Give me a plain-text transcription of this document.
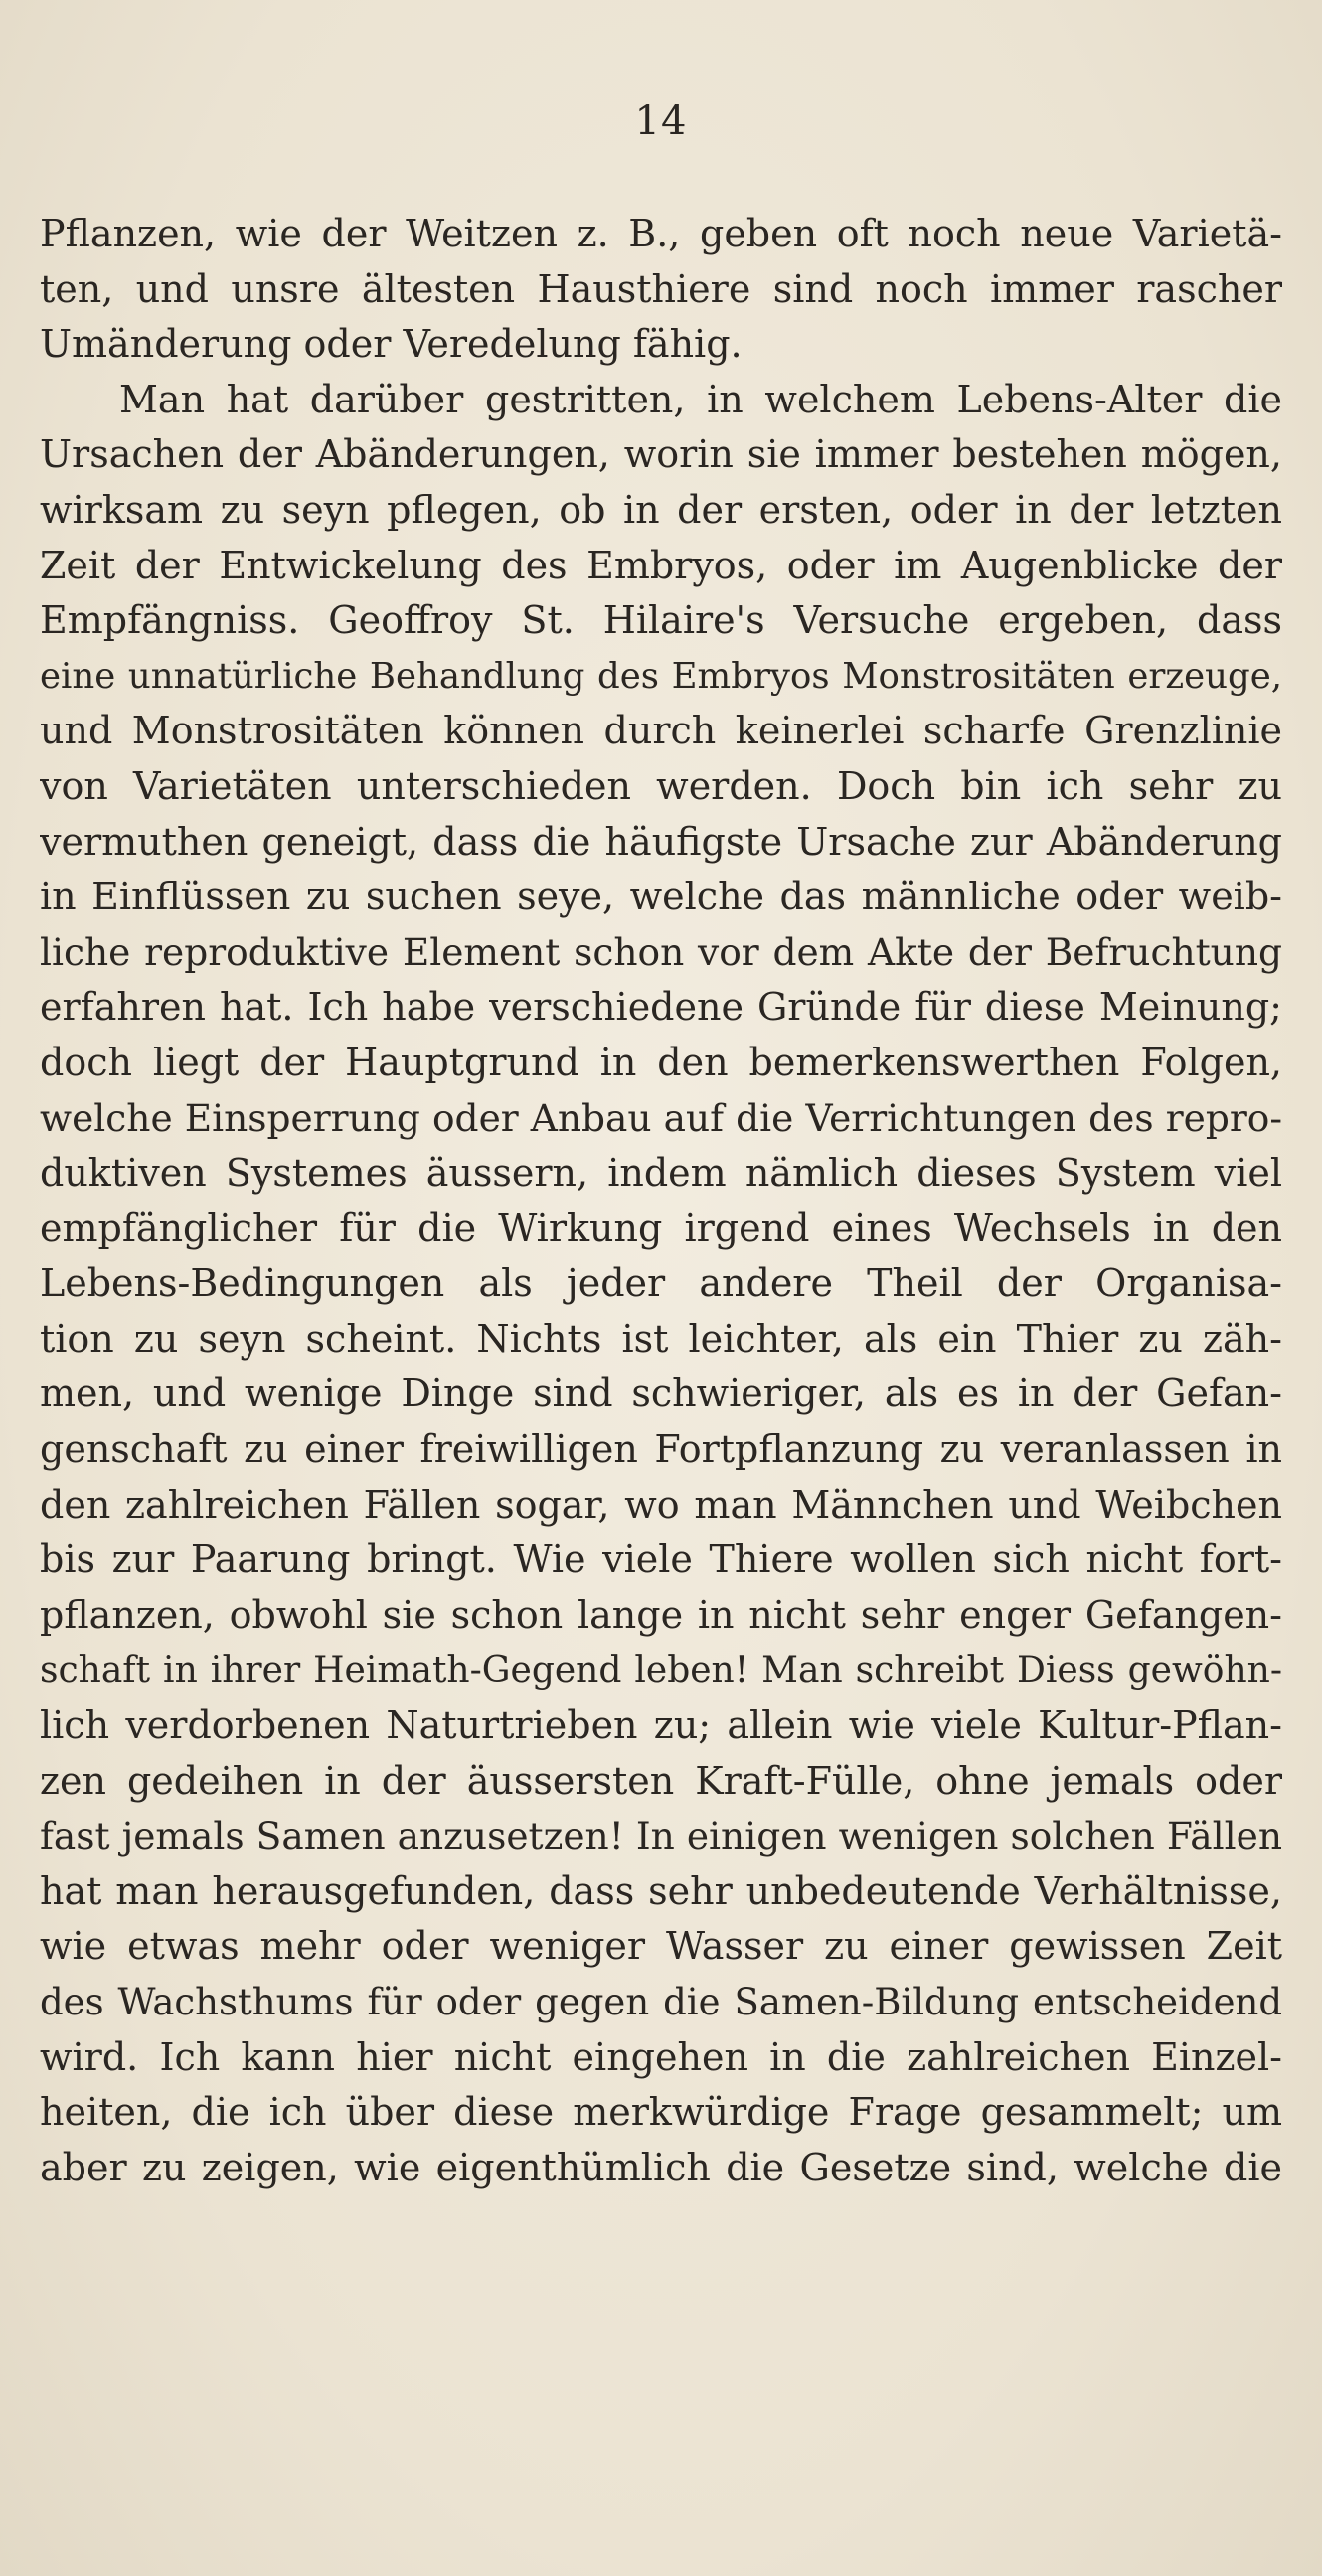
14
Pflanzen, wie der Weitzen z. B., geben oft noch neue Varietä-
ten, und unsre ältesten Hausthiere sind noch immer rascher
Umänderung oder Veredelung fähig.
Man hat darüber gestritten, in welchem Lebens-Alter die
Ursachen der Abänderungen, worin sie immer bestehen mögen,
wirksam zu seyn pflegen, ob in der ersten, oder in der letzten
Zeit der Entwickelung des Embryos, oder im Augenblicke der
Empfängniss. Geoffroy St. Hilaire's Versuche ergeben, dass
eine unnatürliche Behandlung des Embryos Monstrositäten erzeuge,
und Monstrositäten können durch keinerlei scharfe Grenzlinie
von Varietäten unterschieden werden. Doch bin ich sehr zu
vermuthen geneigt, dass die häufigste Ursache zur Abänderung
in Einflüssen zu suchen seye, welche das männliche oder weib-
liche reproduktive Element schon vor dem Akte der Befruchtung
erfahren hat. Ich habe verschiedene Gründe für diese Meinung;
doch liegt der Hauptgrund in den bemerkenswerthen Folgen,
welche Einsperrung oder Anbau auf die Verrichtungen des repro-
duktiven Systemes äussern, indem nämlich dieses System viel
empfänglicher für die Wirkung irgend eines Wechsels in den
Lebens-Bedingungen als jeder andere Theil der Organisa-
tion zu seyn scheint. Nichts ist leichter, als ein Thier zu zäh-
men, und wenige Dinge sind schwieriger, als es in der Gefan-
genschaft zu einer freiwilligen Fortpflanzung zu veranlassen in
den zahlreichen Fällen sogar, wo man Männchen und Weibchen
bis zur Paarung bringt. Wie viele Thiere wollen sich nicht fort-
pflanzen, obwohl sie schon lange in nicht sehr enger Gefangen-
schaft in ihrer Heimath-Gegend leben! Man schreibt Diess gewöhn-
lich verdorbenen Naturtrieben zu; allein wie viele Kultur-Pflan-
zen gedeihen in der äussersten Kraft-Fülle, ohne jemals oder
fast jemals Samen anzusetzen! In einigen wenigen solchen Fällen
hat man herausgefunden, dass sehr unbedeutende Verhältnisse,
wie etwas mehr oder weniger Wasser zu einer gewissen Zeit
des Wachsthums für oder gegen die Samen-Bildung entscheidend
wird. Ich kann hier nicht eingehen in die zahlreichen Einzel-
heiten, die ich über diese merkwürdige Frage gesammelt; um
aber zu zeigen, wie eigenthümlich die Gesetze sind, welche die
